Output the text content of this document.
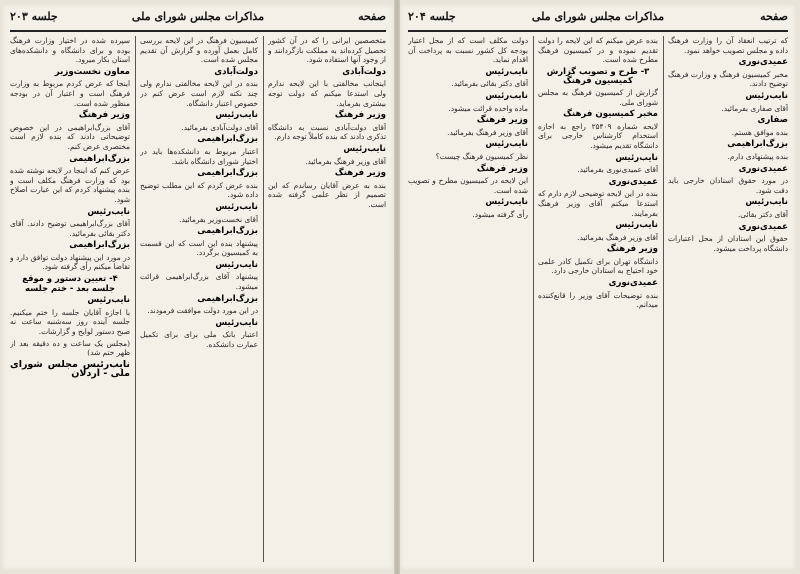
صفحه
مذاکرات مجلس شورای ملی
جلسه ۲۰۳

سپرده شده در اختیار وزارت فرهنگ بوده و برای دانشگاه و دانشکده‌های استان بکار میرود.

معاون نخست‌وزیر

اینجا که عرض کردم مربوط به وزارت فرهنگ است و اعتبار آن در بودجه منظور شده است.

وزیر فرهنگ

آقای بزرگ‌ابراهیمی در این خصوص توضیحاتی دادند که بنده لازم است مختصری عرض کنم.

بزرگ‌ابراهیمی

عرض کنم که اینجا در لایحه نوشته شده بود که وزارت فرهنگ مکلف است و بنده پیشنهاد کردم که این عبارت اصلاح شود.

نایب‌رئیس

آقای بزرگ‌ابراهیمی توضیح دادند. آقای دکتر بقائی بفرمائید.

بزرگ‌ابراهیمی

در مورد این پیشنهاد دولت توافق دارد و تقاضا میکنم رأی گرفته شود.

۴- تعیین دستور و موقع جلسه بعد - ختم جلسه

نایب‌رئیس

با اجازه آقایان جلسه را ختم میکنیم. جلسه آینده روز سه‌شنبه ساعت نه صبح دستور لوایح و گزارشات.

(مجلس یک ساعت و ده دقیقه بعد از ظهر ختم شد)

نایب‌رئیس مجلس شورای ملی - اردلان

کمیسیون فرهنگ در این لایحه بررسی کامل بعمل آورده و گزارش آن تقدیم مجلس شده است.

دولت‌آبادی

بنده در این لایحه مخالفتی ندارم ولی چند نکته لازم است عرض کنم در خصوص اعتبار دانشگاه.

نایب‌رئیس

آقای دولت‌آبادی بفرمائید.

بزرگ‌ابراهیمی

اعتبار مربوط به دانشکده‌ها باید در اختیار شورای دانشگاه باشد.

بزرگ‌ابراهیمی

بنده عرض کردم که این مطلب توضیح داده شود.

نایب‌رئیس

آقای نخست‌وزیر بفرمائید.

بزرگ‌ابراهیمی

پیشنهاد بنده این است که این قسمت به کمیسیون برگردد.

نایب‌رئیس

پیشنهاد آقای بزرگ‌ابراهیمی قرائت میشود.

بزرگ‌ابراهیمی

در این مورد دولت موافقت فرمودند.

نایب‌رئیس

اعتبار بانک ملی برای برای تکمیل عمارت دانشکده.

متخصصین ایرانی را که در آن کشور تحصیل کرده‌اند به مملکت بازگردانند و از وجود آنها استفاده شود.

دولت‌آبادی

اینجانب مخالفتی با این لایحه ندارم ولی استدعا میکنم که دولت توجه بیشتری بفرماید.

وزیر فرهنگ

آقای دولت‌آبادی نسبت به دانشگاه تذکری دادند که بنده کاملاً توجه دارم.

نایب‌رئیس

آقای وزیر فرهنگ بفرمائید.

وزیر فرهنگ

بنده به عرض آقایان رساندم که این تصمیم از نظر علمی گرفته شده است.

صفحه
مذاکرات مجلس شورای ملی
جلسه ۲۰۴

دولت مکلف است که از محل اعتبار بودجه کل کشور نسبت به پرداخت آن اقدام نماید.

نایب‌رئیس

آقای دکتر بقائی بفرمائید.

نایب‌رئیس

ماده واحده قرائت میشود.

وزیر فرهنگ

آقای وزیر فرهنگ بفرمائید.

نایب‌رئیس

نظر کمیسیون فرهنگ چیست؟

وزیر فرهنگ

این لایحه در کمیسیون مطرح و تصویب شده است.

نایب‌رئیس

رأی گرفته میشود.

بنده عرض میکنم که این لایحه را دولت تقدیم نموده و در کمیسیون فرهنگ مطرح شده است.

۳- طرح و تصویب گزارش کمیسیون فرهنگ

گزارش از کمیسیون فرهنگ به مجلس شورای ملی.

مخبر کمیسیون فرهنگ

لایحه شماره ۲۵۴۰۹ راجع به اجازه استخدام کارشناس خارجی برای دانشگاه تقدیم میشود.

نایب‌رئیس

آقای عمیدی‌نوری بفرمائید.

عمیدی‌نوری

بنده در این لایحه توضیحی لازم دارم که استدعا میکنم آقای وزیر فرهنگ بفرمایند.

نایب‌رئیس

آقای وزیر فرهنگ بفرمائید.

وزیر فرهنگ

دانشگاه تهران برای تکمیل کادر علمی خود احتیاج به استادان خارجی دارد.

عمیدی‌نوری

بنده توضیحات آقای وزیر را قانع‌کننده میدانم.

که ترتیب انعقاد آن را وزارت فرهنگ داده و مجلس تصویب خواهد نمود.

عمیدی‌نوری

مخبر کمیسیون فرهنگ و وزارت فرهنگ توضیح دادند.

نایب‌رئیس

آقای صفاری بفرمائید.

صفاری

بنده موافق هستم.

بزرگ‌ابراهیمی

بنده پیشنهادی دارم.

عمیدی‌نوری

در مورد حقوق استادان خارجی باید دقت شود.

نایب‌رئیس

آقای دکتر بقائی.

عمیدی‌نوری

حقوق این استادان از محل اعتبارات دانشگاه پرداخت میشود.
